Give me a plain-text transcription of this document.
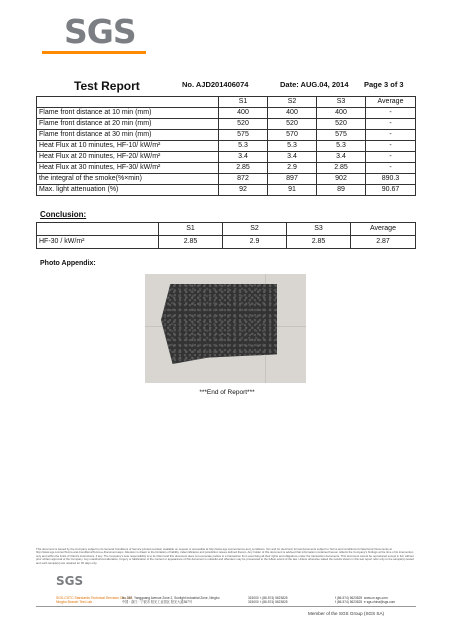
SGS
Test Report	No. AJD201406074	Date: AUG.04, 2014 Page 3 of 3
	S1	S2	S3	Average
Flame front distance at 10 min (mm)	400	400	400	-
Flame front distance at 20 min (mm)	520	520	520	-
Flame front distance at 30 min (mm)	575	570	575	-
Heat Flux at 10 minutes, HF-10/ kW/m²	5.3	5.3	5.3	-
Heat Flux at 20 minutes, HF-20/ kW/m²	3.4	3.4	3.4	-
Heat Flux at 30 minutes, HF-30/ kW/m²	2.85	2.9	2.85	-
the integral of the smoke(%×min)	872	897	902	890.3
Max. light attenuation (%)	92	91	89	90.67
Conclusion:
	S1	S2	S3	Average
HF-30 / kW/m²	2.85	2.9	2.85	2.87
Photo Appendix:
***End of Report***
This document is issued by the Company subject to its General Conditions of Service printed overleaf, available on request or accessible at http://www.sgs.com/en/terms-and_conditions. htm and for electronic format documents subject to Terms and Conditions for Electronic Documents at http://www.sgs.com/en/Terms-and-Conditions/Terms-e-Document.aspx. Attention is drawn to the limitation of liability, indemnification and jurisdiction issues defined therein. Any holder of this document is advised that information contained hereon reflects the Company's findings at the time of its intervention only and within the limits of Client's instructions, if any. The Company's sole responsibility is to its Client and this document does not exonerate parties to a transaction from exercising all their rights and obligations under the transaction documents. This document cannot be reproduced except in full, without prior written approval of the Company. Any unauthorized alteration, forgery or falsification of the content or appearance of this document is unlawful and offenders may be prosecuted to the fullest extent of the law. Unless otherwise stated the results shown in this test report refer only to the sample(s) tested and such sample(s) are retained for 30 days only.
SGS
SGS-CSTC Standards Technical Services Co., Ltd.
Ningbo Branch Test Lab
No.367, Yangguang Avenue Zone 2, Sunlight Industrial Zone, Ningbo
中国 · 浙江 · 宁波市 阳光工业园区 阳光大道367号
315000 t (86-574) 5623825
315000 t (86-574) 5623825
f (86-574) 5623825 www.cn.sgs.com
f (86-574) 5623825 e sgs.china@sgs.com
Member of the SGS Group (SGS SA)
